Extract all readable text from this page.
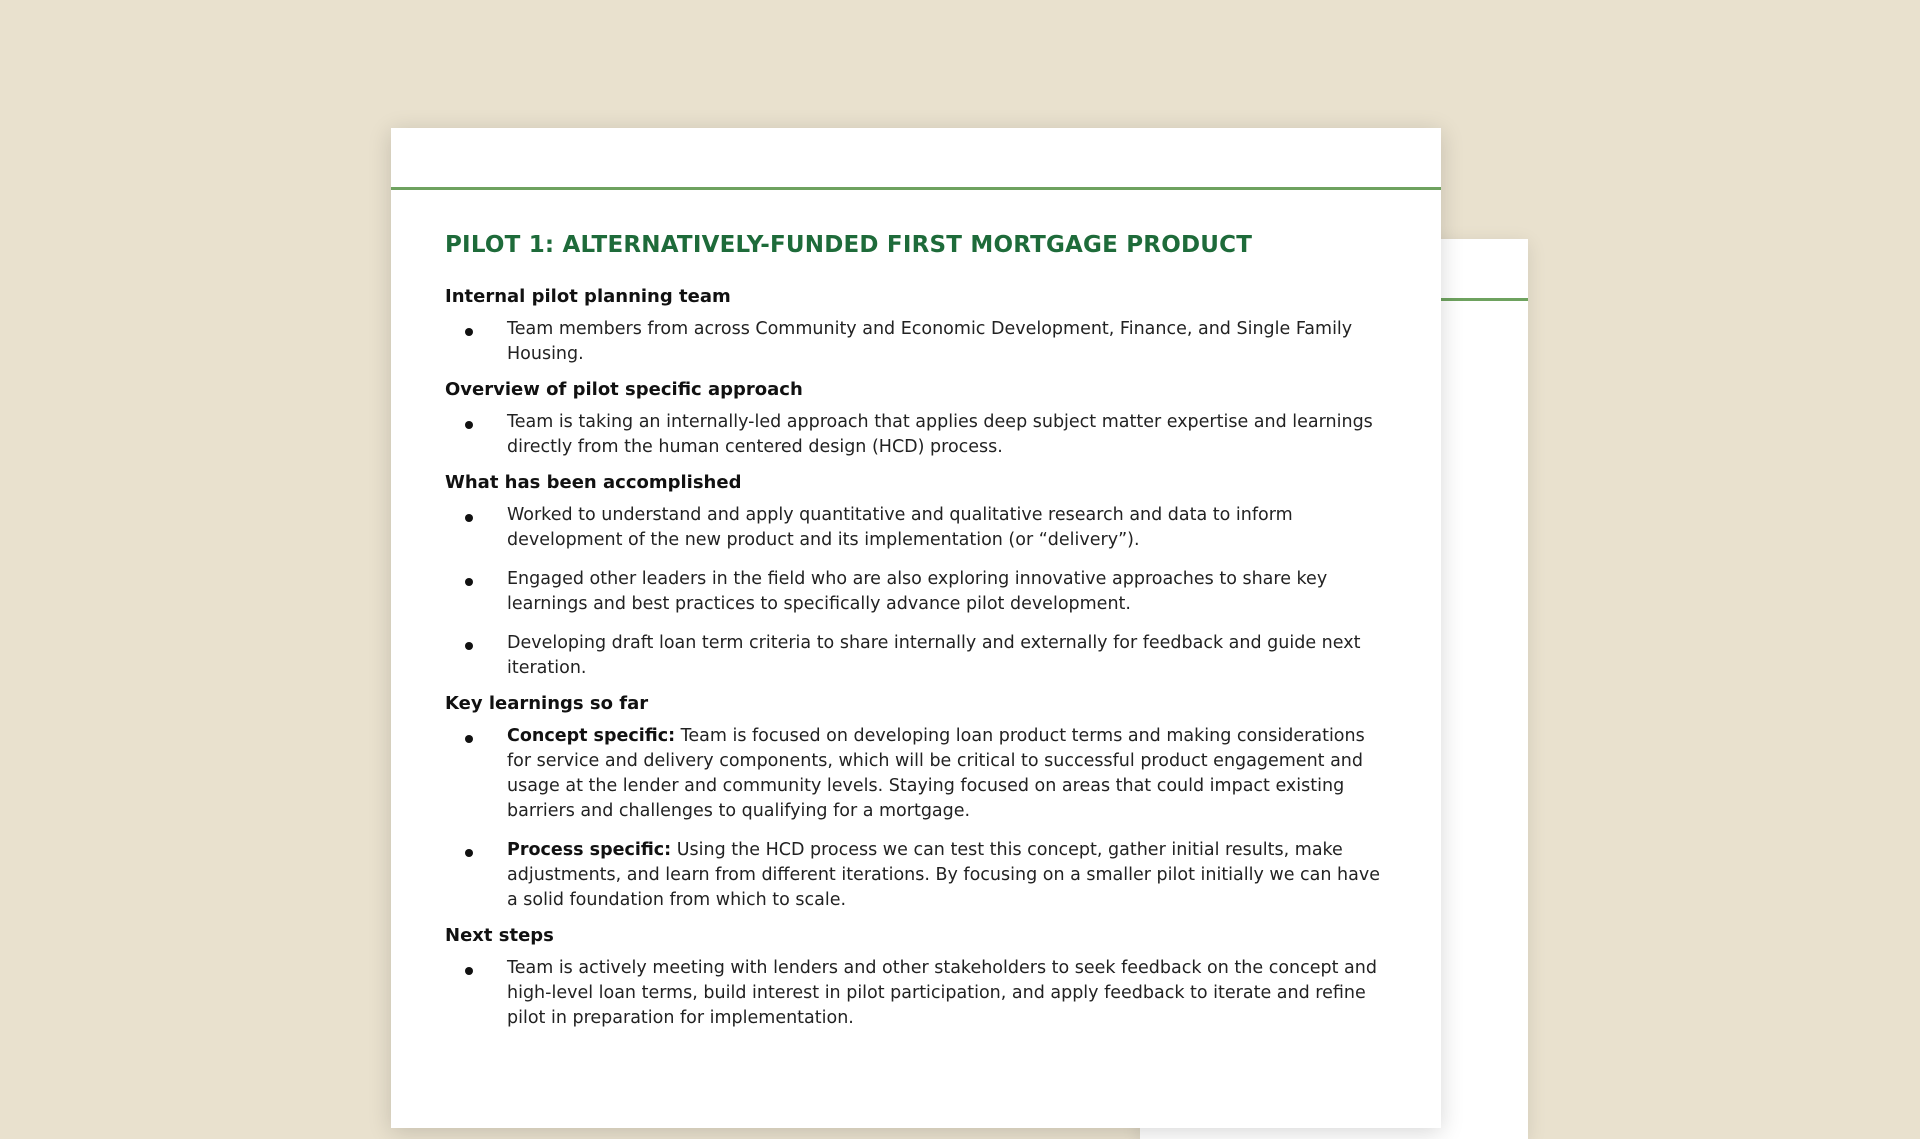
PILOT 1: ALTERNATIVELY-FUNDED FIRST MORTGAGE PRODUCT
Internal pilot planning team
Team members from across Community and Economic Development, Finance, and Single Family Housing.
Overview of pilot specific approach
Team is taking an internally-led approach that applies deep subject matter expertise and learnings directly from the human centered design (HCD) process.
What has been accomplished
Worked to understand and apply quantitative and qualitative research and data to inform development of the new product and its implementation (or “delivery”).
Engaged other leaders in the field who are also exploring innovative approaches to share key learnings and best practices to specifically advance pilot development.
Developing draft loan term criteria to share internally and externally for feedback and guide next iteration.
Key learnings so far
Concept specific: Team is focused on developing loan product terms and making considerations for service and delivery components, which will be critical to successful product engagement and usage at the lender and community levels. Staying focused on areas that could impact existing barriers and challenges to qualifying for a mortgage.
Process specific: Using the HCD process we can test this concept, gather initial results, make adjustments, and learn from different iterations. By focusing on a smaller pilot initially we can have a solid foundation from which to scale.
Next steps
Team is actively meeting with lenders and other stakeholders to seek feedback on the concept and high-level loan terms, build interest in pilot participation, and apply feedback to iterate and refine pilot in preparation for implementation.
